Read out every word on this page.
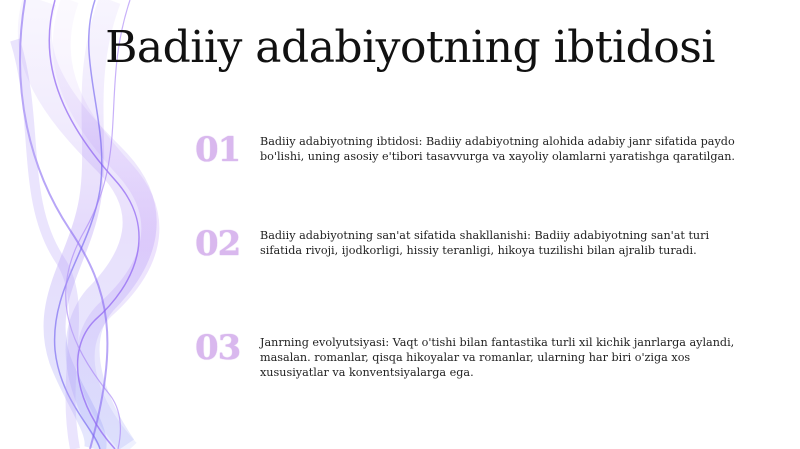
Badiiy adabiyotning ibtidosi
01	Badiiy adabiyotning ibtidosi: Badiiy adabiyotning alohida adabiy janr sifatida paydo bo'lishi, uning asosiy e'tibori tasavvurga va xayoliy olamlarni yaratishga qaratilgan.
02	Badiiy adabiyotning san'at sifatida shakllanishi: Badiiy adabiyotning san'at turi sifatida rivoji, ijodkorligi, hissiy teranligi, hikoya tuzilishi bilan ajralib turadi.
03	Janrning evolyutsiyasi: Vaqt o'tishi bilan fantastika turli xil kichik janrlarga aylandi, masalan. romanlar, qisqa hikoyalar va romanlar, ularning har biri o'ziga xos xususiyatlar va konventsiyalarga ega.
